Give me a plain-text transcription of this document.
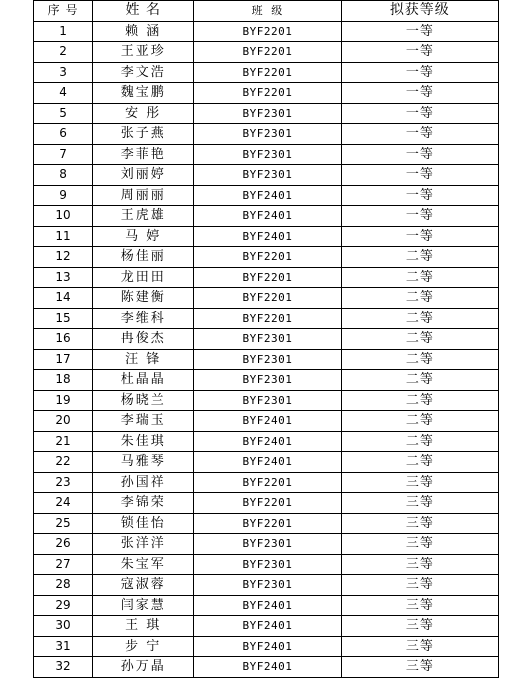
序 号	姓 名	班 级	拟获等级
1	赖 涵	BYF2201	一等
2	王亚珍	BYF2201	一等
3	李文浩	BYF2201	一等
4	魏宝鹏	BYF2201	一等
5	安 彤	BYF2301	一等
6	张子燕	BYF2301	一等
7	李菲艳	BYF2301	一等
8	刘丽婷	BYF2301	一等
9	周丽丽	BYF2401	一等
10	王虎雄	BYF2401	一等
11	马 婷	BYF2401	一等
12	杨佳丽	BYF2201	二等
13	龙田田	BYF2201	二等
14	陈建衡	BYF2201	二等
15	李维科	BYF2201	二等
16	冉俊杰	BYF2301	二等
17	汪 锋	BYF2301	二等
18	杜晶晶	BYF2301	二等
19	杨晓兰	BYF2301	二等
20	李瑞玉	BYF2401	二等
21	朱佳琪	BYF2401	二等
22	马雅琴	BYF2401	二等
23	孙国祥	BYF2201	三等
24	李锦荣	BYF2201	三等
25	锁佳怡	BYF2201	三等
26	张洋洋	BYF2301	三等
27	朱宝军	BYF2301	三等
28	寇淑蓉	BYF2301	三等
29	闫家慧	BYF2401	三等
30	王 琪	BYF2401	三等
31	步 宁	BYF2401	三等
32	孙万晶	BYF2401	三等
